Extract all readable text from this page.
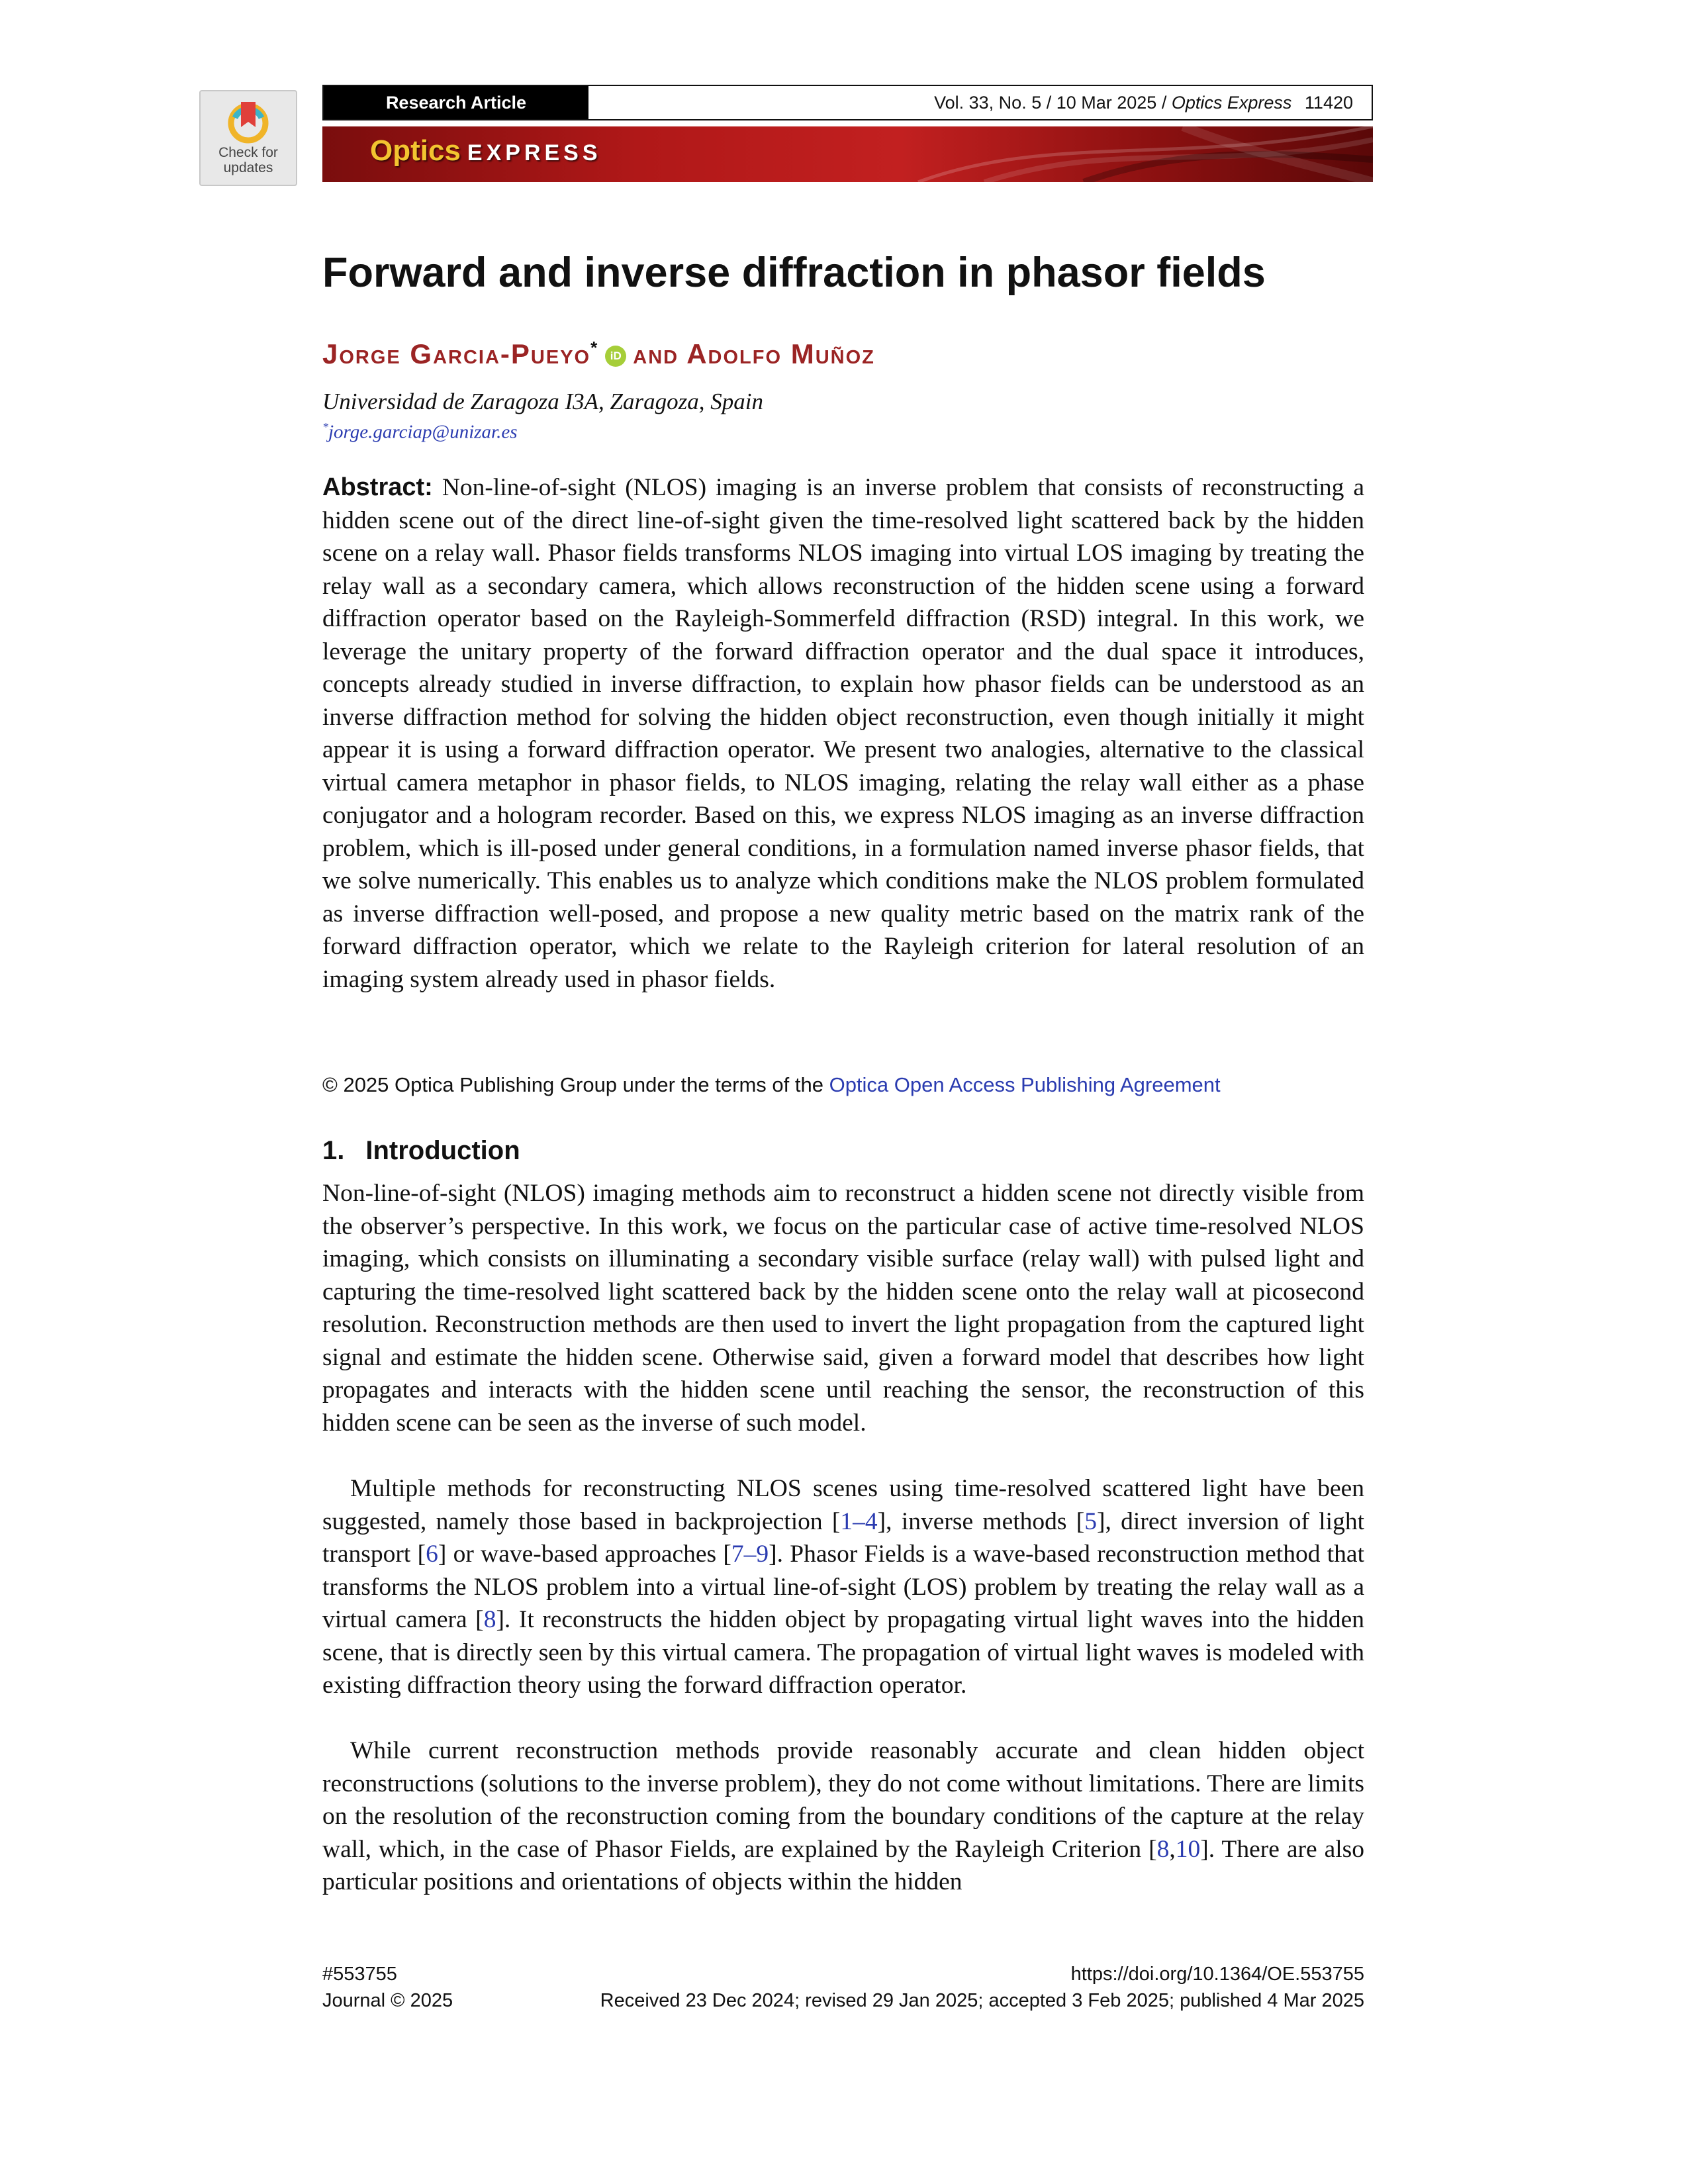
Check for
updates
Research Article	Vol. 33, No. 5 / 10 Mar 2025 / Optics Express 11420
Optics EXPRESS
Forward and inverse diffraction in phasor fields
Jorge Garcia-Pueyo* iD and Adolfo Muñoz
Universidad de Zaragoza I3A, Zaragoza, Spain
*jorge.garciap@unizar.es

Abstract: Non-line-of-sight (NLOS) imaging is an inverse problem that consists of reconstructing a hidden scene out of the direct line-of-sight given the time-resolved light scattered back by the hidden scene on a relay wall. Phasor fields transforms NLOS imaging into virtual LOS imaging by treating the relay wall as a secondary camera, which allows reconstruction of the hidden scene using a forward diffraction operator based on the Rayleigh-Sommerfeld diffraction (RSD) integral. In this work, we leverage the unitary property of the forward diffraction operator and the dual space it introduces, concepts already studied in inverse diffraction, to explain how phasor fields can be understood as an inverse diffraction method for solving the hidden object reconstruction, even though initially it might appear it is using a forward diffraction operator. We present two analogies, alternative to the classical virtual camera metaphor in phasor fields, to NLOS imaging, relating the relay wall either as a phase conjugator and a hologram recorder. Based on this, we express NLOS imaging as an inverse diffraction problem, which is ill-posed under general conditions, in a formulation named inverse phasor fields, that we solve numerically. This enables us to analyze which conditions make the NLOS problem formulated as inverse diffraction well-posed, and propose a new quality metric based on the matrix rank of the forward diffraction operator, which we relate to the Rayleigh criterion for lateral resolution of an imaging system already used in phasor fields.

© 2025 Optica Publishing Group under the terms of the Optica Open Access Publishing Agreement
1. Introduction

Non-line-of-sight (NLOS) imaging methods aim to reconstruct a hidden scene not directly visible from the observer’s perspective. In this work, we focus on the particular case of active time-resolved NLOS imaging, which consists on illuminating a secondary visible surface (relay wall) with pulsed light and capturing the time-resolved light scattered back by the hidden scene onto the relay wall at picosecond resolution. Reconstruction methods are then used to invert the light propagation from the captured light signal and estimate the hidden scene. Otherwise said, given a forward model that describes how light propagates and interacts with the hidden scene until reaching the sensor, the reconstruction of this hidden scene can be seen as the inverse of such model.

Multiple methods for reconstructing NLOS scenes using time-resolved scattered light have been suggested, namely those based in backprojection [1–4], inverse methods [5], direct inversion of light transport [6] or wave-based approaches [7–9]. Phasor Fields is a wave-based reconstruction method that transforms the NLOS problem into a virtual line-of-sight (LOS) problem by treating the relay wall as a virtual camera [8]. It reconstructs the hidden object by propagating virtual light waves into the hidden scene, that is directly seen by this virtual camera. The propagation of virtual light waves is modeled with existing diffraction theory using the forward diffraction operator.

While current reconstruction methods provide reasonably accurate and clean hidden object reconstructions (solutions to the inverse problem), they do not come without limitations. There are limits on the resolution of the reconstruction coming from the boundary conditions of the capture at the relay wall, which, in the case of Phasor Fields, are explained by the Rayleigh Criterion [8,10]. There are also particular positions and orientations of objects within the hidden

#553755
Journal © 2025
https://doi.org/10.1364/OE.553755
Received 23 Dec 2024; revised 29 Jan 2025; accepted 3 Feb 2025; published 4 Mar 2025
